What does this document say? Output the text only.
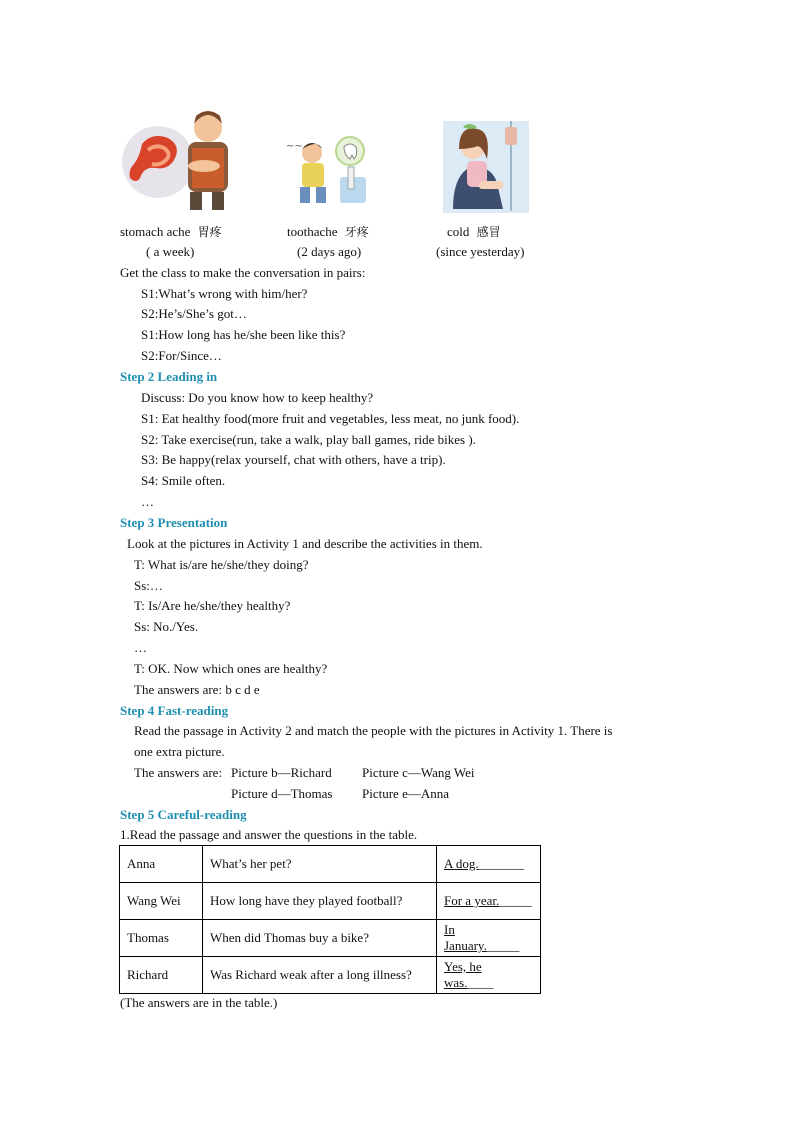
~~
stomach ache 胃疼	toothache 牙疼	cold 感冒
( a week)	(2 days ago)	(since yesterday)
Get the class to make the conversation in pairs:
S1:What’s wrong with him/her?
S2:He’s/She’s got…
S1:How long has he/she been like this?
S2:For/Since…
Step 2 Leading in
Discuss: Do you know how to keep healthy?
S1: Eat healthy food(more fruit and vegetables, less meat, no junk food).
S2: Take exercise(run, take a walk, play ball games, ride bikes ).
S3: Be happy(relax yourself, chat with others, have a trip).
S4: Smile often.
…
Step 3 Presentation
Look at the pictures in Activity 1 and describe the activities in them.
T: What is/are he/she/they doing?
Ss:…
T: Is/Are he/she/they healthy?
Ss: No./Yes.
…
T: OK. Now which ones are healthy?
The answers are: b c d e
Step 4 Fast-reading
Read the passage in Activity 2 and match the people with the pictures in Activity 1. There is
one extra picture.
The answers are: Picture b—Richard Picture c—Wang Wei
Picture d—Thomas Picture e—Anna
Step 5 Careful-reading
1.Read the passage and answer the questions in the table.
Anna	What’s her pet?	A dog._______
Wang Wei	How long have they played football?	For a year._____
Thomas	When did Thomas buy a bike?	In January._____
Richard	Was Richard weak after a long illness?	Yes, he was.____
(The answers are in the table.)
